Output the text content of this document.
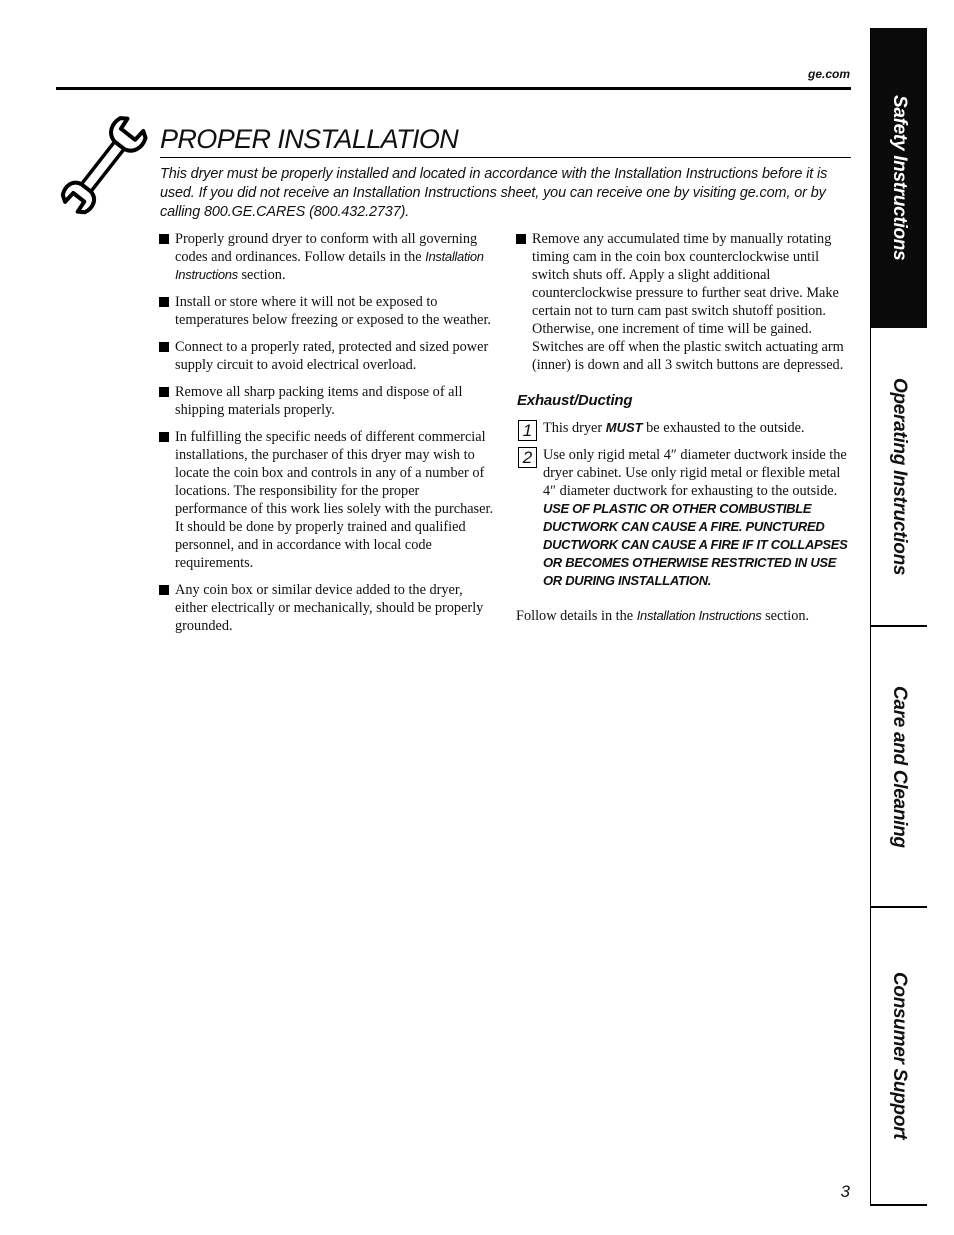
ge.com
PROPER INSTALLATION
This dryer must be properly installed and located in accordance with the Installation Instructions before it is used. If you did not receive an Installation Instructions sheet, you can receive one by visiting ge.com, or by calling 800.GE.CARES (800.432.2737).
Properly ground dryer to conform with all governing codes and ordinances. Follow details in the Installation Instructions section.
Install or store where it will not be exposed to temperatures below freezing or exposed to the weather.
Connect to a properly rated, protected and sized power supply circuit to avoid electrical overload.
Remove all sharp packing items and dispose of all shipping materials properly.
In fulfilling the specific needs of different commercial installations, the purchaser of this dryer may wish to locate the coin box and controls in any of a number of locations. The responsibility for the proper performance of this work lies solely with the purchaser. It should be done by properly trained and qualified personnel, and in accordance with local code requirements.
Any coin box or similar device added to the dryer, either electrically or mechanically, should be properly grounded.
Remove any accumulated time by manually rotating timing cam in the coin box counterclockwise until switch shuts off. Apply a slight additional counterclockwise pressure to further seat drive. Make certain not to turn cam past switch shutoff position. Otherwise, one increment of time will be gained. Switches are off when the plastic switch actuating arm (inner) is down and all 3 switch buttons are depressed.
Exhaust/Ducting
1 This dryer MUST be exhausted to the outside.
2 Use only rigid metal 4″ diameter ductwork inside the dryer cabinet. Use only rigid metal or flexible metal 4″ diameter ductwork for exhausting to the outside. USE OF PLASTIC OR OTHER COMBUSTIBLE DUCTWORK CAN CAUSE A FIRE. PUNCTURED DUCTWORK CAN CAUSE A FIRE IF IT COLLAPSES OR BECOMES OTHERWISE RESTRICTED IN USE OR DURING INSTALLATION.
Follow details in the Installation Instructions section.
Safety Instructions
Operating Instructions
Care and Cleaning
Consumer Support
3
